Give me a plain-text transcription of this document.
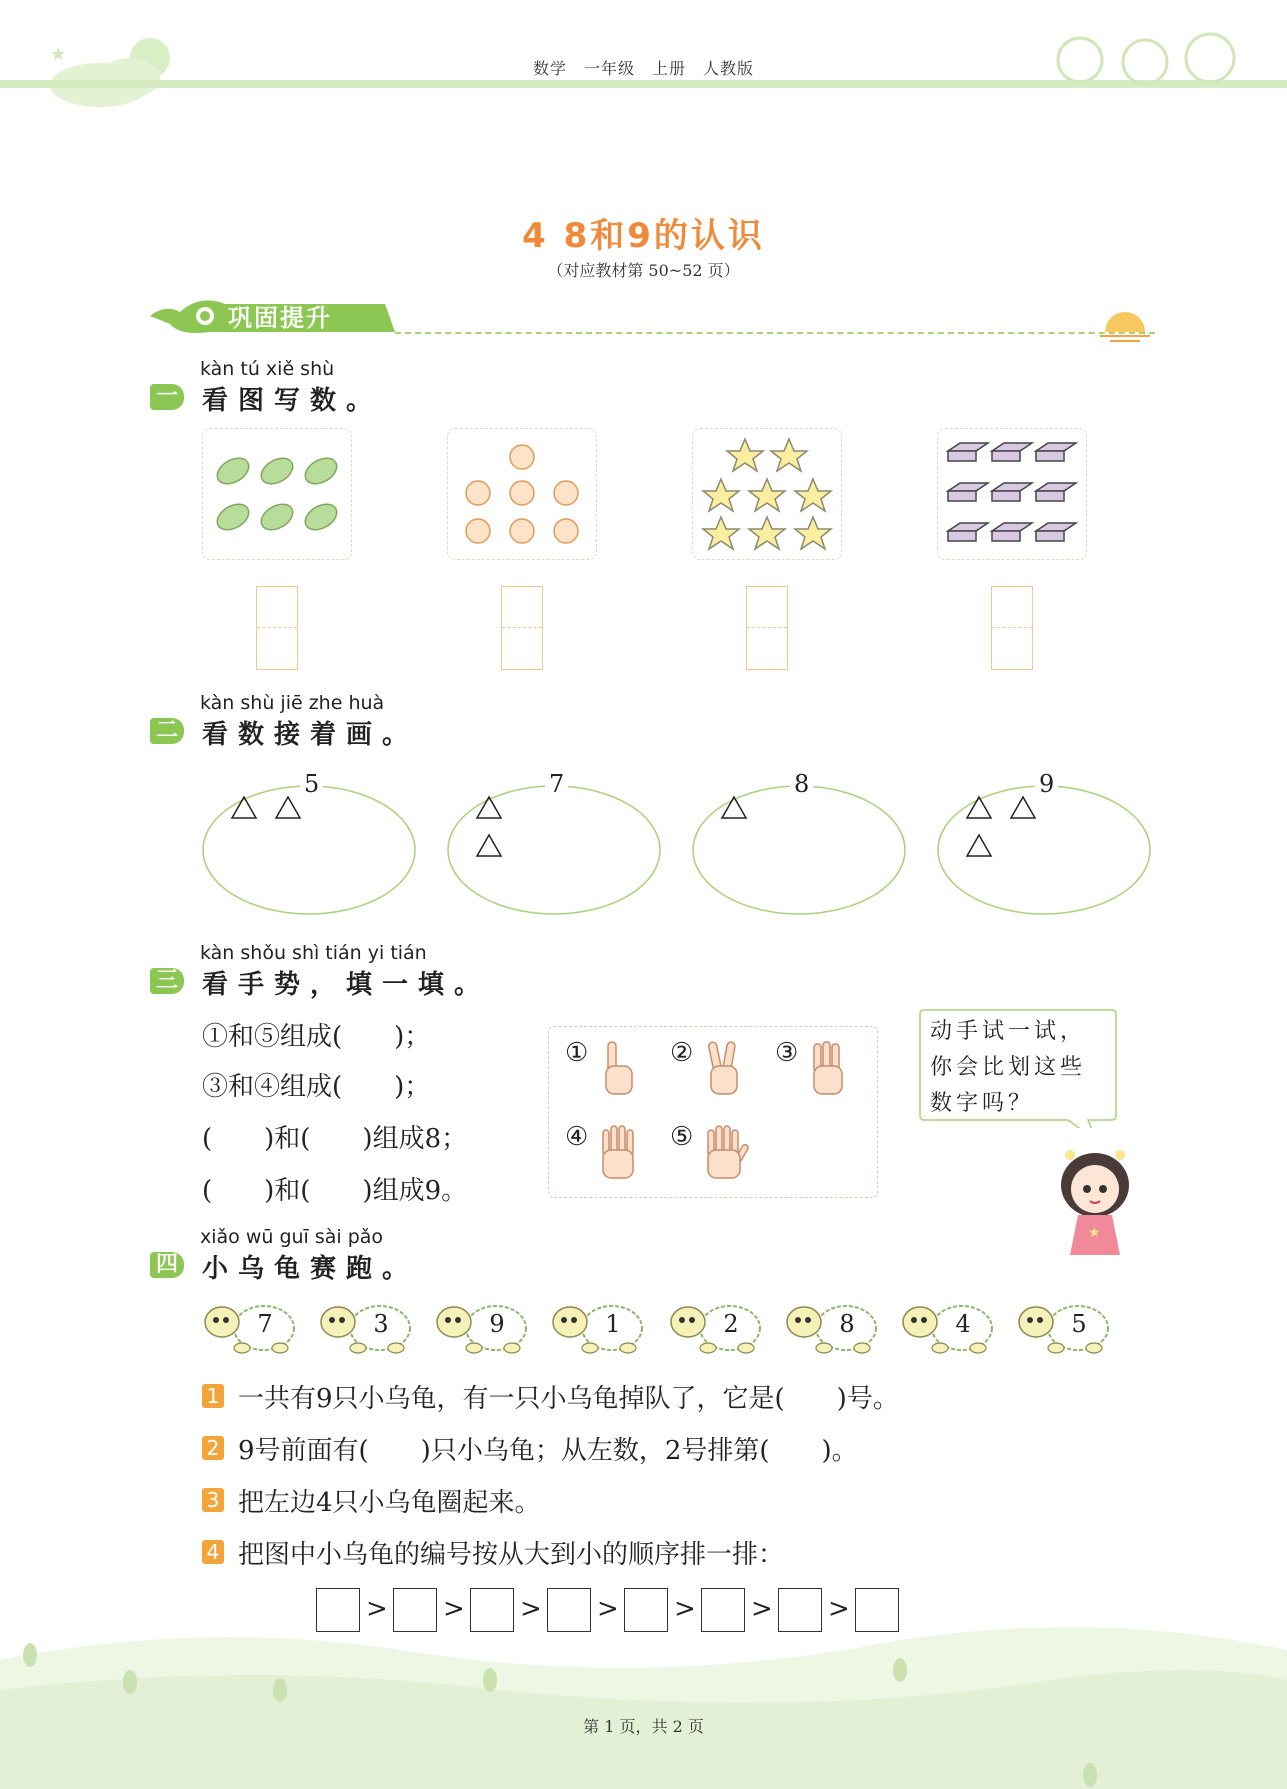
★
数学　一年级　上册　人教版
4 8和9的认识
（对应教材第 50~52 页）
巩固提升
kàn tú xiě shù
一 看图写数。
kàn shù jiē zhe huà
二 看数接着画。
5	7	8	9
kàn shǒu shì tián yi tián
三 看手势，填一填。
①和⑤组成(　　)；
③和④组成(　　)；
(　　)和(　　)组成8；
(　　)和(　　)组成9。
①	②	③
④	⑤
动手试一试，你会比划这些数字吗？
★
xiǎo wū guī sài pǎo
四 小乌龟赛跑。
7	3	9	1	2	8	4	5
1 一共有9只小乌龟，有一只小乌龟掉队了，它是(　　)号。
2 9号前面有(　　)只小乌龟；从左数，2号排第(　　)。
3 把左边4只小乌龟圈起来。
4 把图中小乌龟的编号按从大到小的顺序排一排：
> > > > > > >
第 1 页，共 2 页
